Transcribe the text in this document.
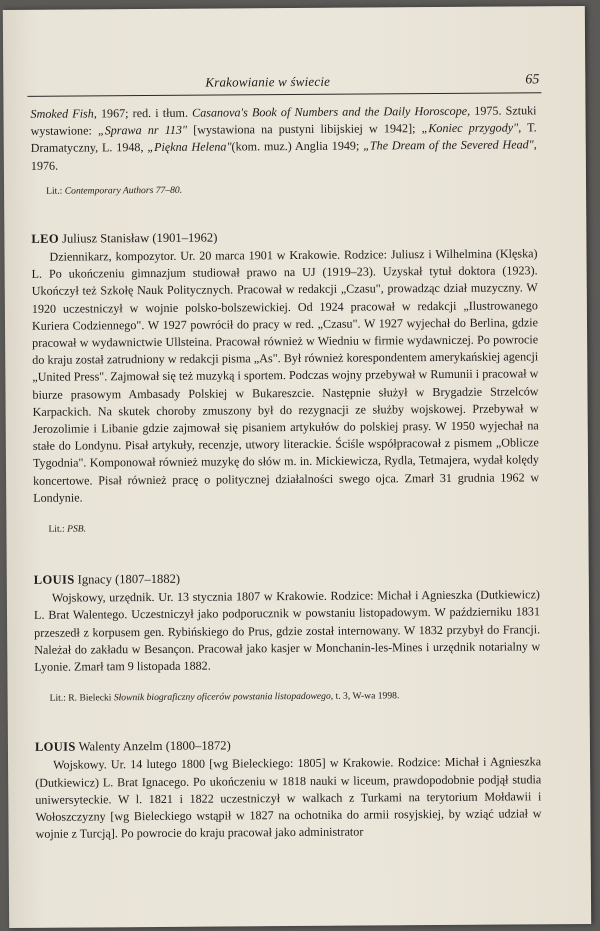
Krakowianie w świecie	65

Smoked Fish, 1967; red. i tłum. Casanova's Book of Numbers and the Daily Horoscope, 1975. Sztuki wystawione: „Sprawa nr 113" [wystawiona na pustyni libijskiej w 1942]; „Koniec przygody", T. Dramatyczny, L. 1948, „Piękna Helena"(kom. muz.) Anglia 1949; „The Dream of the Severed Head", 1976.

Lit.: Contemporary Authors 77–80.

LEO Juliusz Stanisław (1901–1962)

Dziennikarz, kompozytor. Ur. 20 marca 1901 w Krakowie. Rodzice: Juliusz i Wilhelmina (Klęska) L. Po ukończeniu gimnazjum studiował prawo na UJ (1919–23). Uzyskał tytuł doktora (1923). Ukończył też Szkołę Nauk Politycznych. Pracował w redakcji „Czasu", prowadząc dział muzyczny. W 1920 uczestniczył w wojnie polsko-bolszewickiej. Od 1924 pracował w redakcji „Ilustrowanego Kuriera Codziennego". W 1927 powrócił do pracy w red. „Czasu". W 1927 wyjechał do Berlina, gdzie pracował w wydawnictwie Ullsteina. Pracował również w Wiedniu w firmie wydawniczej. Po powrocie do kraju został zatrudniony w redakcji pisma „As". Był również korespondentem amerykańskiej agencji „United Press". Zajmował się też muzyką i sportem. Podczas wojny przebywał w Rumunii i pracował w biurze prasowym Ambasady Polskiej w Bukareszcie. Następnie służył w Brygadzie Strzelców Karpackich. Na skutek choroby zmuszony był do rezygnacji ze służby wojskowej. Przebywał w Jerozolimie i Libanie gdzie zajmował się pisaniem artykułów do polskiej prasy. W 1950 wyjechał na stałe do Londynu. Pisał artykuły, recenzje, utwory literackie. Ściśle współpracował z pismem „Oblicze Tygodnia". Komponował również muzykę do słów m. in. Mickiewicza, Rydla, Tetmajera, wydał kolędy koncertowe. Pisał również pracę o politycznej działalności swego ojca. Zmarł 31 grudnia 1962 w Londynie.

Lit.: PSB.

LOUIS Ignacy (1807–1882)

Wojskowy, urzędnik. Ur. 13 stycznia 1807 w Krakowie. Rodzice: Michał i Agnieszka (Dutkiewicz) L. Brat Walentego. Uczestniczył jako podporucznik w powstaniu listopadowym. W październiku 1831 przeszedł z korpusem gen. Rybińskiego do Prus, gdzie został internowany. W 1832 przybył do Francji. Należał do zakładu w Besançon. Pracował jako kasjer w Monchanin-les-Mines i urzędnik notarialny w Lyonie. Zmarł tam 9 listopada 1882.

Lit.: R. Bielecki Słownik biograficzny oficerów powstania listopadowego, t. 3, W-wa 1998.

LOUIS Walenty Anzelm (1800–1872)

Wojskowy. Ur. 14 lutego 1800 [wg Bieleckiego: 1805] w Krakowie. Rodzice: Michał i Agnieszka (Dutkiewicz) L. Brat Ignacego. Po ukończeniu w 1818 nauki w liceum, prawdopodobnie podjął studia uniwersyteckie. W l. 1821 i 1822 uczestniczył w walkach z Turkami na terytorium Mołdawii i Wołoszczyzny [wg Bieleckiego wstąpił w 1827 na ochotnika do armii rosyjskiej, by wziąć udział w wojnie z Turcją]. Po powrocie do kraju pracował jako administrator
